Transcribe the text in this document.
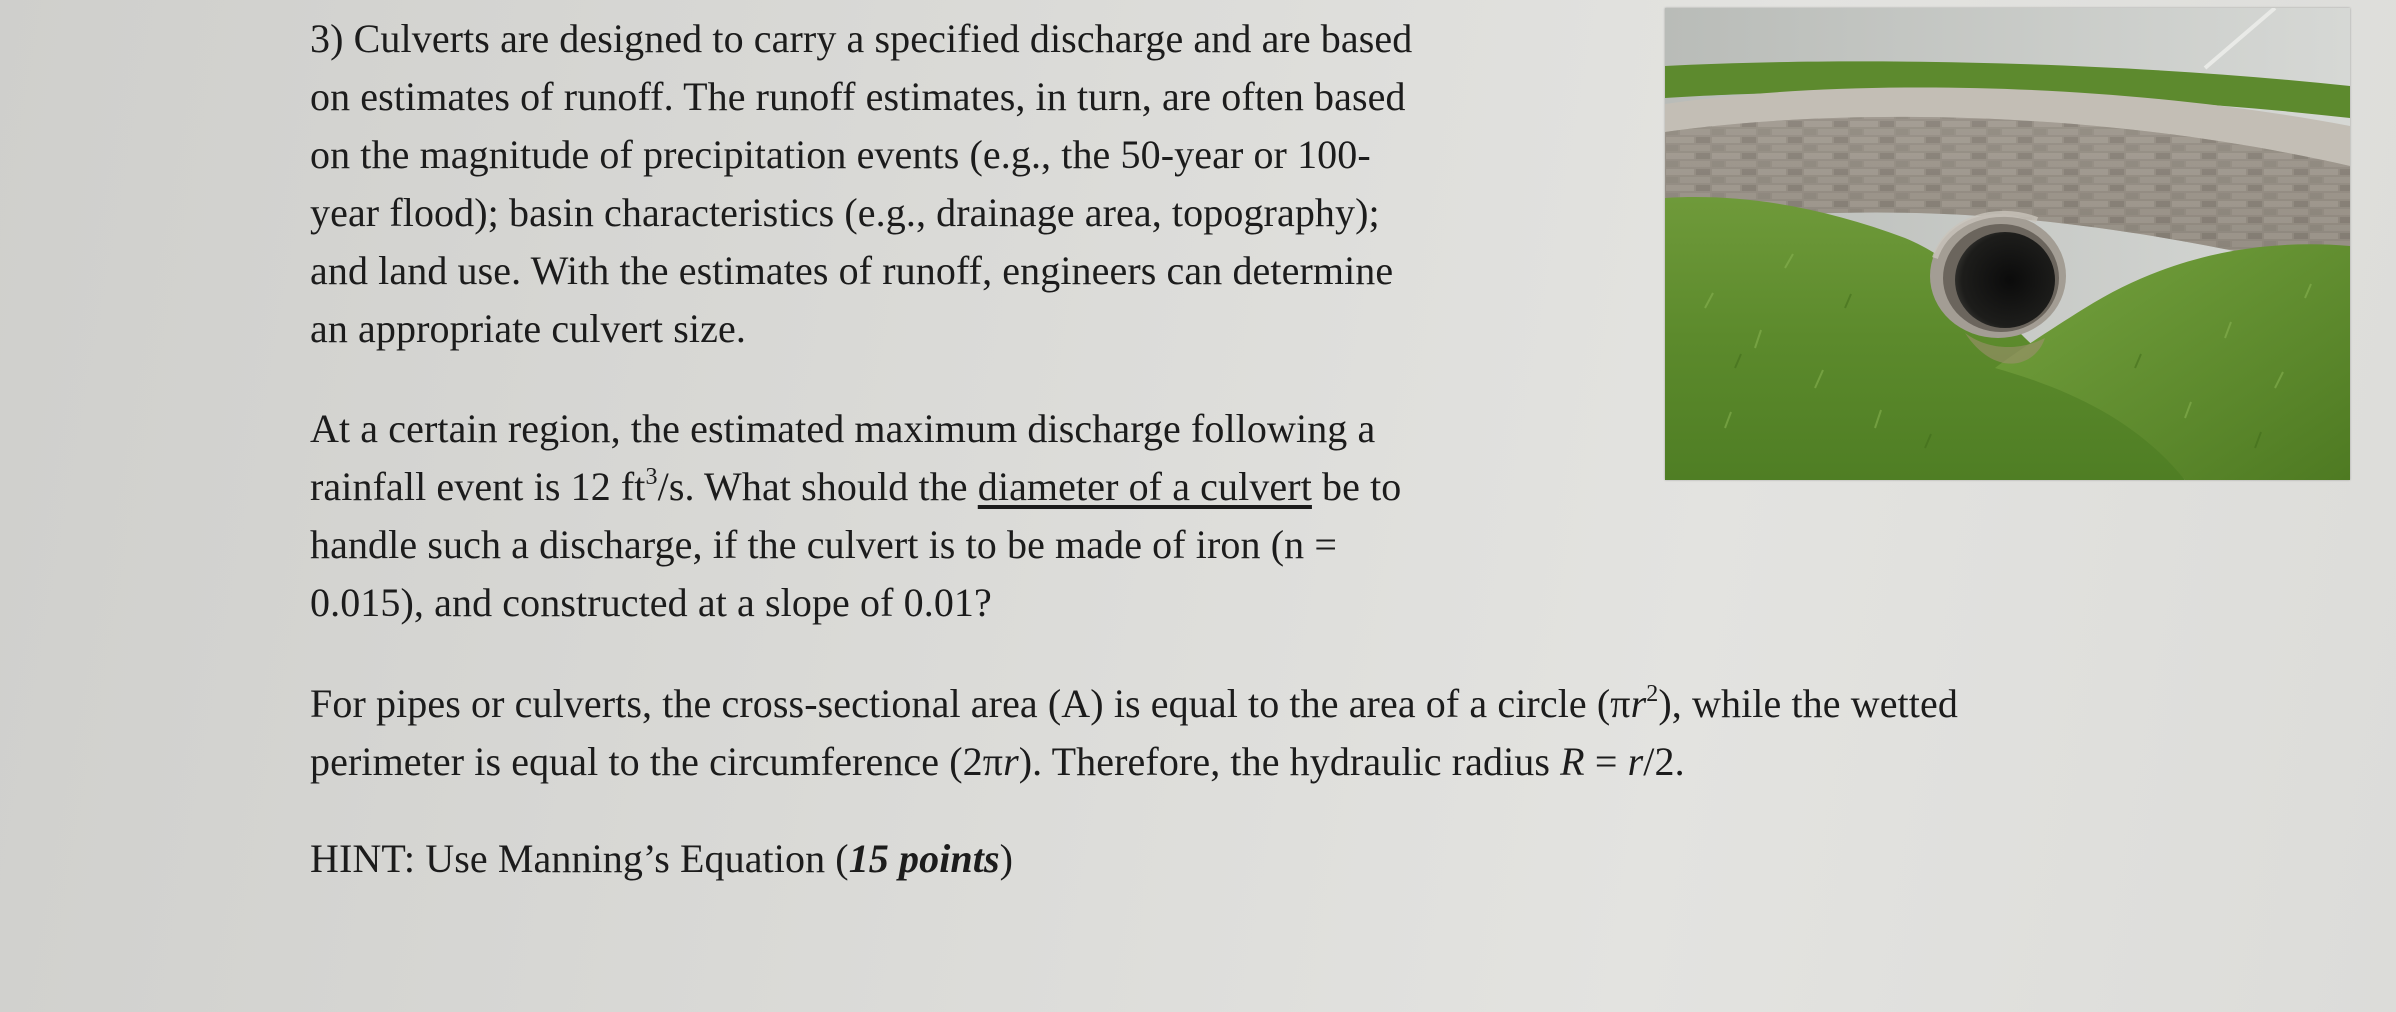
3) Culverts are designed to carry a specified discharge and are based
on estimates of runoff. The runoff estimates, in turn, are often based
on the magnitude of precipitation events (e.g., the 50-year or 100-
year flood); basin characteristics (e.g., drainage area, topography);
and land use. With the estimates of runoff, engineers can determine
an appropriate culvert size.

At a certain region, the estimated maximum discharge following a
rainfall event is 12 $ft^3/s$. What should the diameter of a culvert be to
handle such a discharge, if the culvert is to be made of iron (n =
0.015), and constructed at a slope of 0.01?

For pipes or culverts, the cross-sectional area (A) is equal to the area of a circle $(\pi r^2)$, while the wetted
perimeter is equal to the circumference (2πr). Therefore, the hydraulic radius R = r/2.

HINT: Use Manning’s Equation (15 points)
